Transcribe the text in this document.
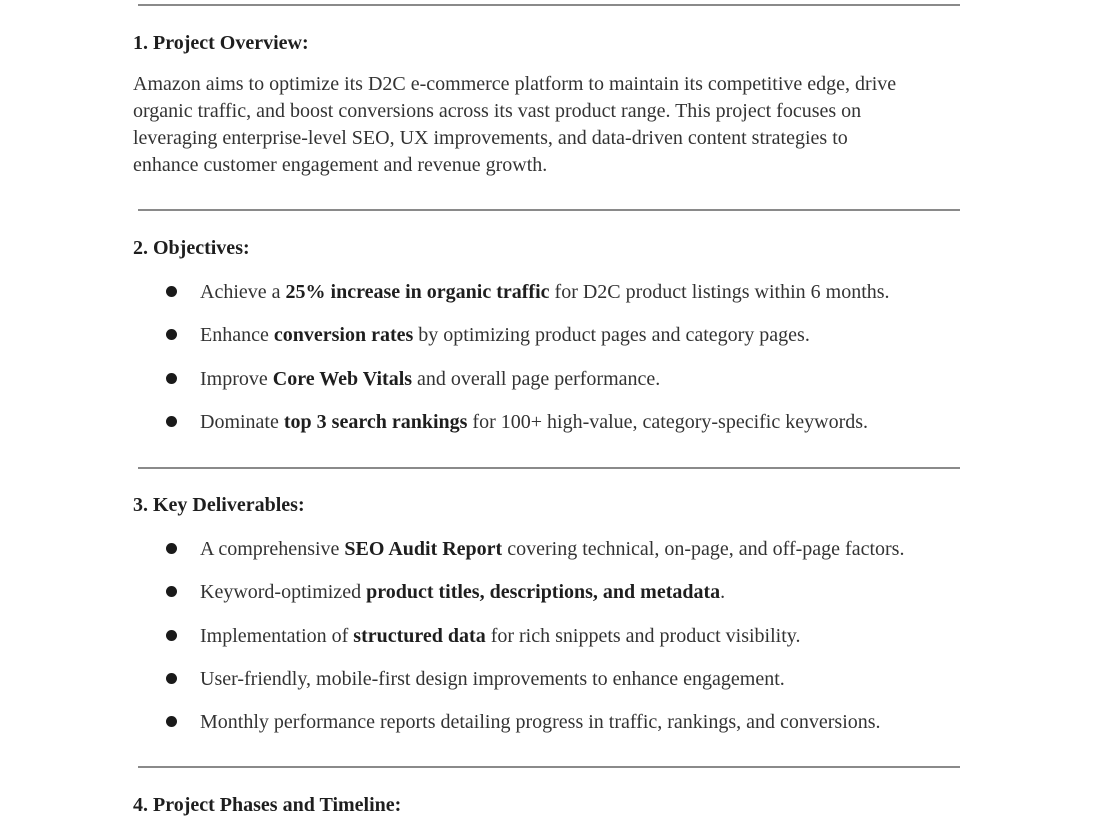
1. Project Overview:
Amazon aims to optimize its D2C e-commerce platform to maintain its competitive edge, drive
organic traffic, and boost conversions across its vast product range. This project focuses on
leveraging enterprise-level SEO, UX improvements, and data-driven content strategies to
enhance customer engagement and revenue growth.
2. Objectives:
Achieve a 25% increase in organic traffic for D2C product listings within 6 months.
Enhance conversion rates by optimizing product pages and category pages.
Improve Core Web Vitals and overall page performance.
Dominate top 3 search rankings for 100+ high-value, category-specific keywords.
3. Key Deliverables:
A comprehensive SEO Audit Report covering technical, on-page, and off-page factors.
Keyword-optimized product titles, descriptions, and metadata.
Implementation of structured data for rich snippets and product visibility.
User-friendly, mobile-first design improvements to enhance engagement.
Monthly performance reports detailing progress in traffic, rankings, and conversions.
4. Project Phases and Timeline:
